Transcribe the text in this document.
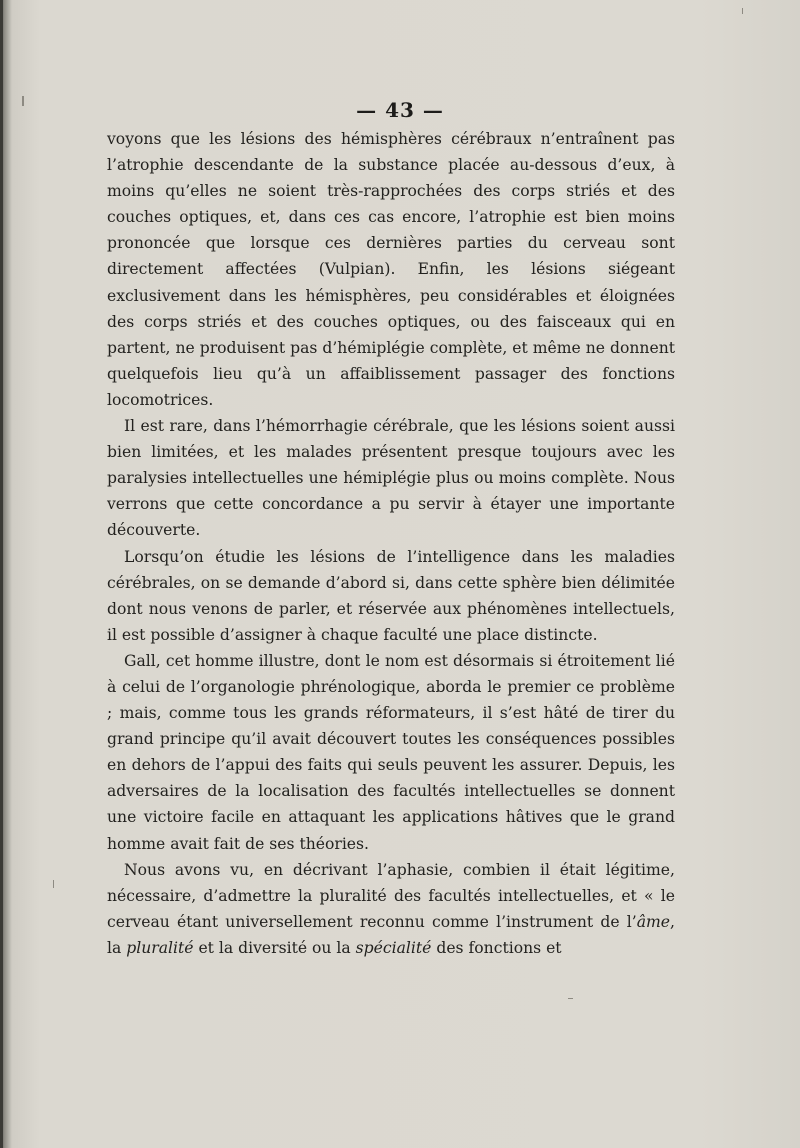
— 43 —

voyons que les lésions des hémisphères cérébraux n’entraînent pas l’atrophie descendante de la substance placée au-dessous d’eux, à moins qu’elles ne soient très-rapprochées des corps striés et des couches optiques, et, dans ces cas encore, l’atrophie est bien moins prononcée que lorsque ces dernières parties du cerveau sont directement affectées (Vulpian). Enfin, les lésions siégeant exclusivement dans les hémisphères, peu considérables et éloignées des corps striés et des couches optiques, ou des faisceaux qui en partent, ne produisent pas d’hémiplégie complète, et même ne donnent quelquefois lieu qu’à un affaiblissement passager des fonctions locomotrices.

Il est rare, dans l’hémorrhagie cérébrale, que les lésions soient aussi bien limitées, et les malades présentent presque toujours avec les paralysies intellectuelles une hémiplégie plus ou moins complète. Nous verrons que cette concordance a pu servir à étayer une importante découverte.

Lorsqu’on étudie les lésions de l’intelligence dans les maladies cérébrales, on se demande d’abord si, dans cette sphère bien délimitée dont nous venons de parler, et réservée aux phénomènes intellectuels, il est possible d’assigner à chaque faculté une place distincte.

Gall, cet homme illustre, dont le nom est désormais si étroitement lié à celui de l’organologie phrénologique, aborda le premier ce problème ; mais, comme tous les grands réformateurs, il s’est hâté de tirer du grand principe qu’il avait découvert toutes les conséquences possibles en dehors de l’appui des faits qui seuls peuvent les assurer. Depuis, les adversaires de la localisation des facultés intellectuelles se donnent une victoire facile en attaquant les applications hâtives que le grand homme avait fait de ses théories.

Nous avons vu, en décrivant l’aphasie, combien il était légitime, nécessaire, d’admettre la pluralité des facultés intellectuelles, et « le cerveau étant universellement reconnu comme l’instrument de l’âme, la pluralité et la diversité ou la spécialité des fonctions et
